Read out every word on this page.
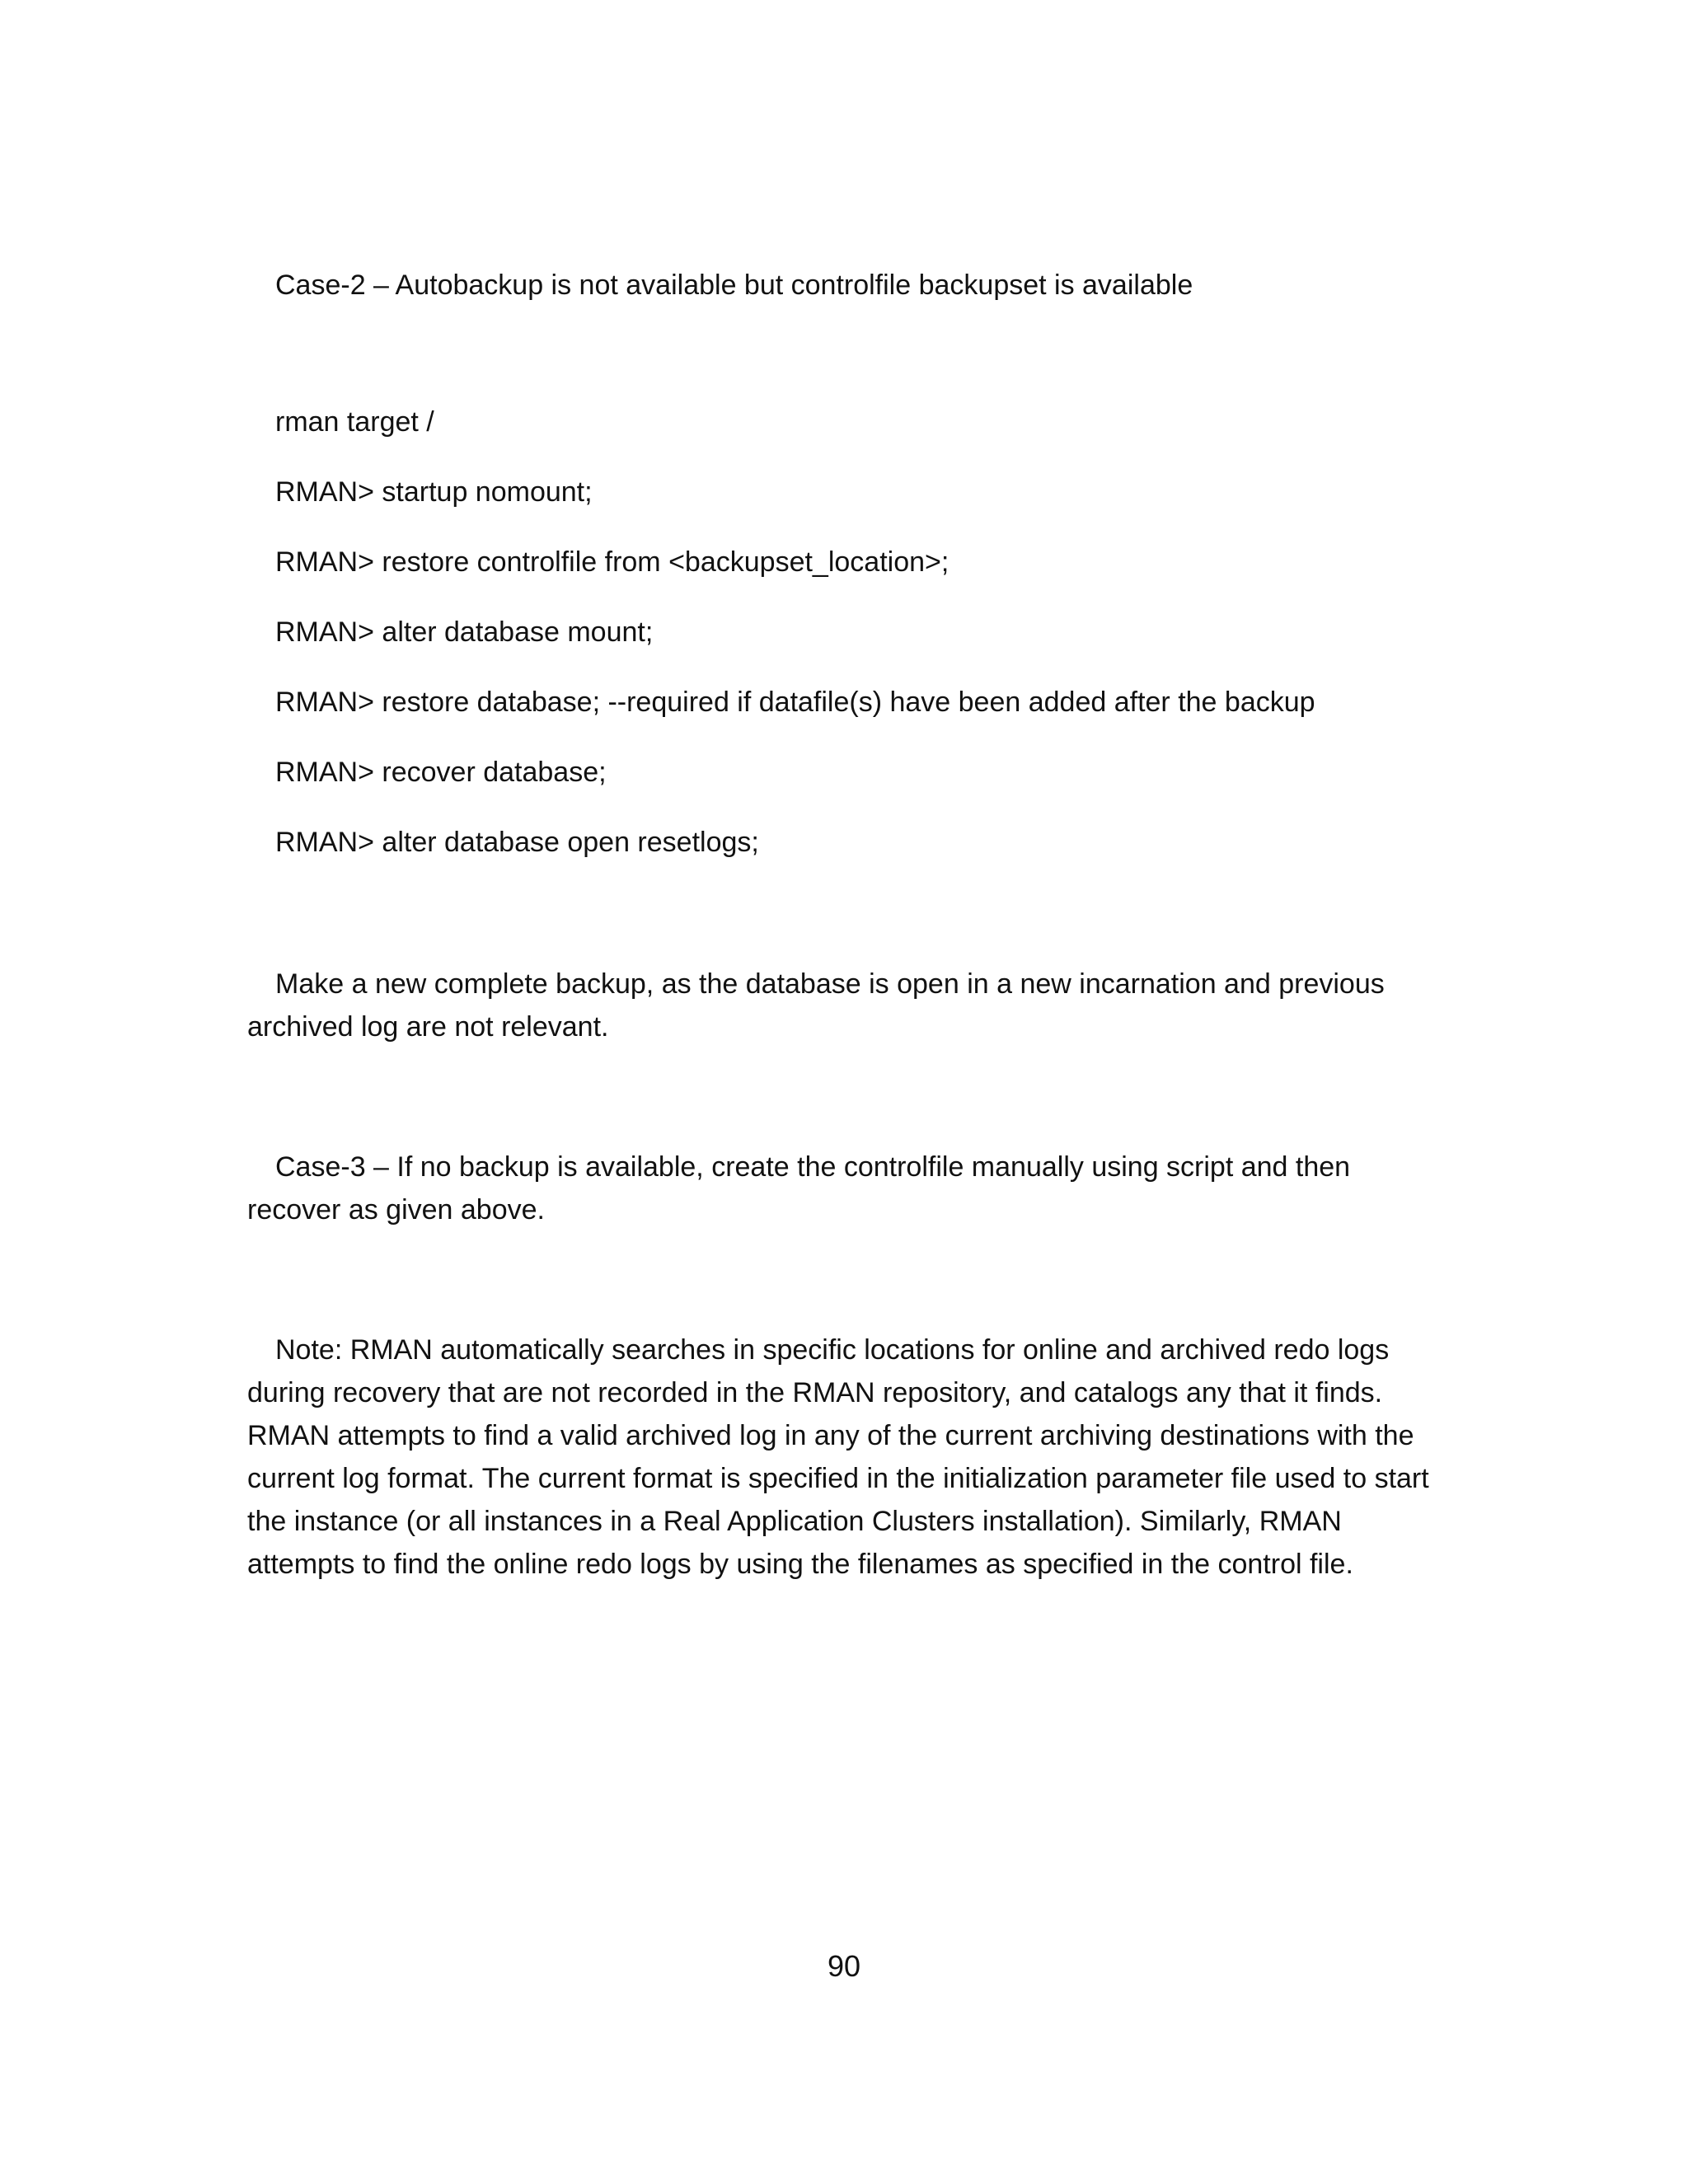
Case-2 – Autobackup is not available but controlfile backupset is available

rman target /

RMAN> startup nomount;

RMAN> restore controlfile from <backupset_location>;

RMAN> alter database mount;

RMAN> restore database; --required if datafile(s) have been added after the backup

RMAN> recover database;

RMAN> alter database open resetlogs;

Make a new complete backup, as the database is open in a new incarnation and previous archived log are not relevant.

Case-3 – If no backup is available, create the controlfile manually using script and then recover as given above.

Note: RMAN automatically searches in specific locations for online and archived redo logs during recovery that are not recorded in the RMAN repository, and catalogs any that it finds. RMAN attempts to find a valid archived log in any of the current archiving destinations with the current log format. The current format is specified in the initialization parameter file used to start the instance (or all instances in a Real Application Clusters installation). Similarly, RMAN attempts to find the online redo logs by using the filenames as specified in the control file.

90
